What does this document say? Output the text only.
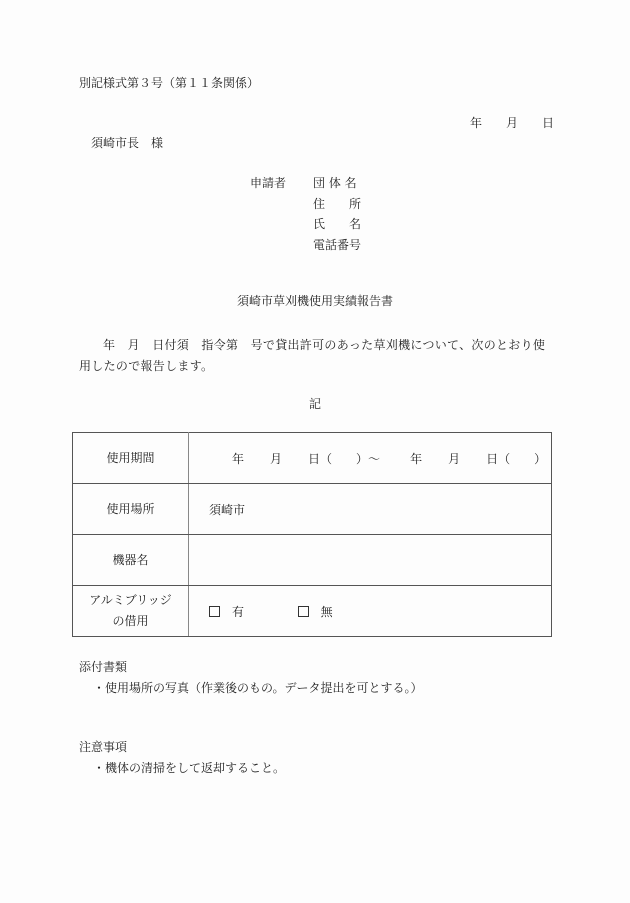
別記様式第３号（第１１条関係）
年 月 日
須崎市長　様
申請者 団 体 名
住　　所
氏　　名
電話番号
須崎市草刈機使用実績報告書
年　月　日付須　指令第　号で貸出許可のあった草刈機について、次のとおり使用したので報告します。
記
使用期間	年 月 日（　　）～ 年 月 日（　　）
使用場所	須崎市
機器名	

アルミブリッジ
の借用	有 無
添付書類
・使用場所の写真（作業後のもの。データ提出を可とする。）
注意事項
・機体の清掃をして返却すること。
